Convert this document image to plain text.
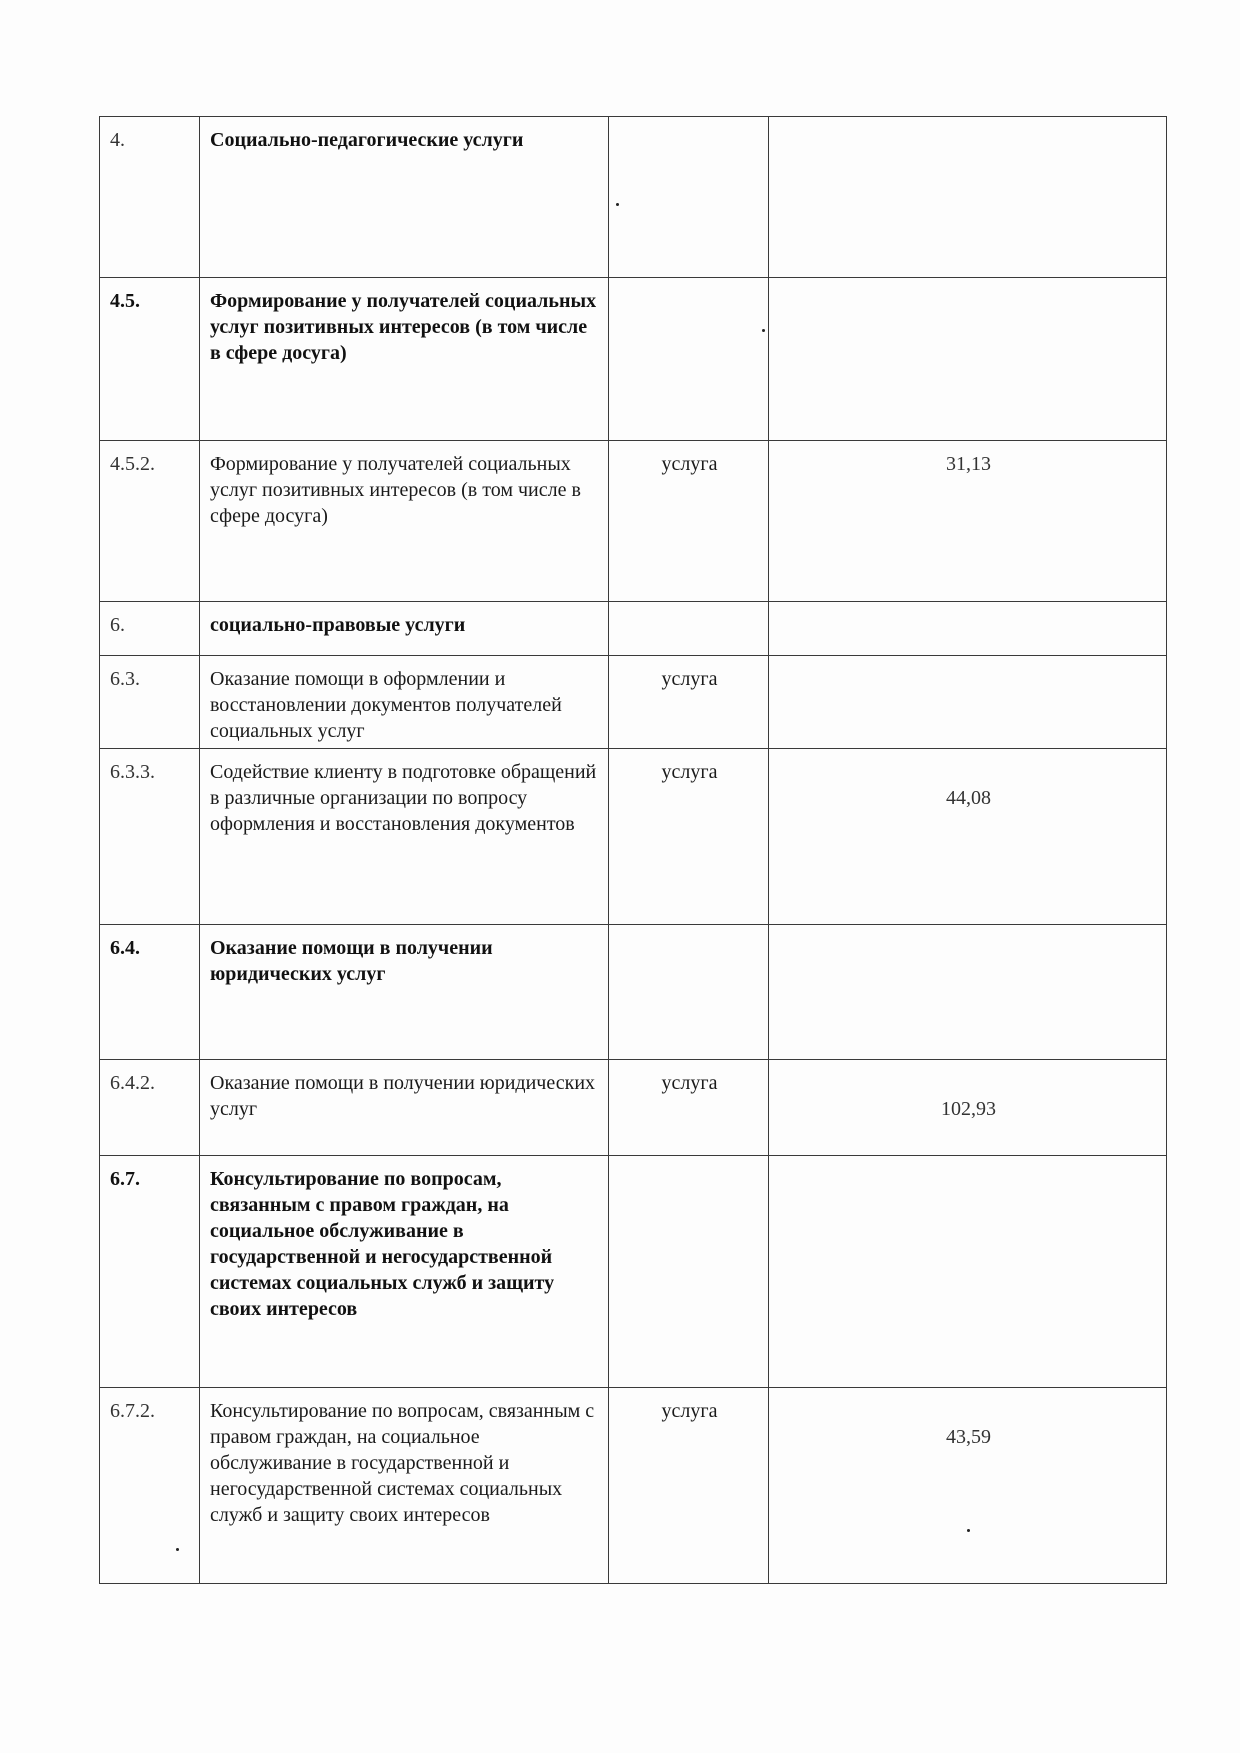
4.	Социально-педагогические услуги		
4.5.	Формирование у получателей социальных услуг позитивных интересов (в том числе в сфере досуга)		
4.5.2.	Формирование у получателей социальных услуг позитивных интересов (в том числе в сфере досуга)	услуга	31,13
6.	социально-правовые услуги		
6.3.	Оказание помощи в оформлении и восстановлении документов получателей социальных услуг	услуга	
6.3.3.	Содействие клиенту в подготовке обращений в различные организации по вопросу оформления и восстановления документов	услуга	44,08

6.4.	Оказание помощи в получении юридических услуг		
6.4.2.	Оказание помощи в получении юридических услуг	услуга	102,93

6.7.	Консультирование по вопросам, связанным с правом граждан, на социальное обслуживание в государственной и негосударственной системах социальных служб и защиту своих интересов		
6.7.2.	Консультирование по вопросам, связанным с правом граждан, на социальное обслуживание в государственной и негосударственной системах социальных служб и защиту своих интересов	услуга	43,59
